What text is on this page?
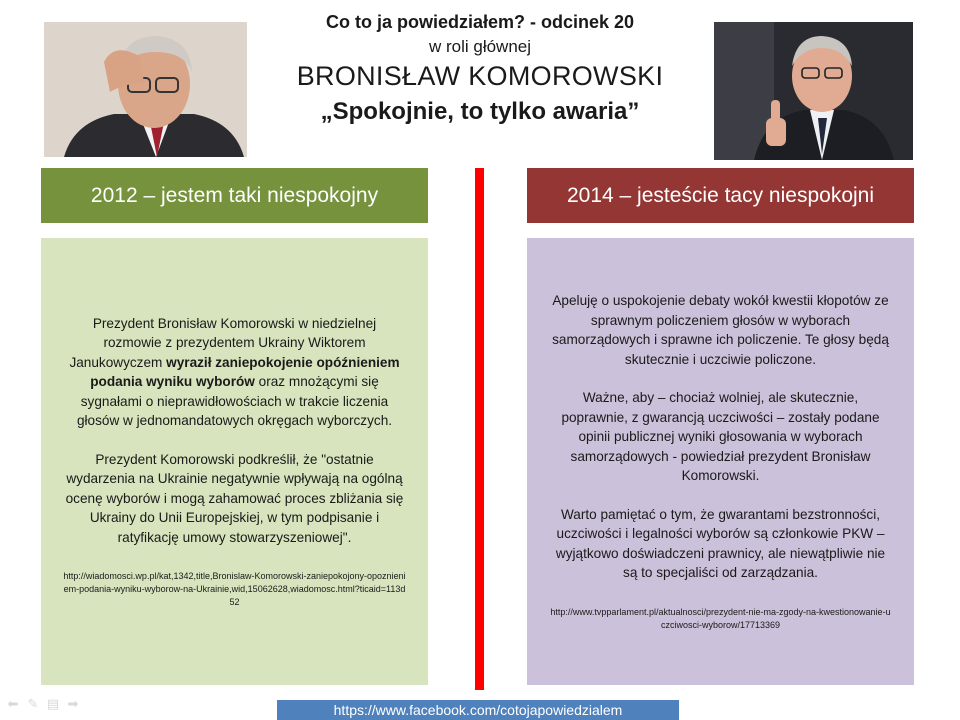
Co to ja powiedziałem? - odcinek 20
w roli głównej
BRONISŁAW KOMOROWSKI
„Spokojnie, to tylko awaria”
2012 – jestem taki niespokojny	2014 – jesteście tacy niespokojni

Prezydent Bronisław Komorowski w niedzielnej rozmowie z prezydentem Ukrainy Wiktorem Janukowyczem wyraził zaniepokojenie opóźnieniem podania wyniku wyborów oraz mnożącymi się sygnałami o nieprawidłowościach w trakcie liczenia głosów w jednomandatowych okręgach wyborczych.

Prezydent Komorowski podkreślił, że "ostatnie wydarzenia na Ukrainie negatywnie wpływają na ogólną ocenę wyborów i mogą zahamować proces zbliżania się Ukrainy do Unii Europejskiej, w tym podpisanie i ratyfikację umowy stowarzyszeniowej".

http://wiadomosci.wp.pl/kat,1342,title,Bronislaw-Komorowski-zaniepokojony-opoznieniem-podania-wyniku-wyborow-na-Ukrainie,wid,15062628,wiadomosc.html?ticaid=113d52

Apeluję o uspokojenie debaty wokół kwestii kłopotów ze sprawnym policzeniem głosów w wyborach samorządowych i sprawne ich policzenie. Te głosy będą skutecznie i uczciwie policzone.

Ważne, aby – chociaż wolniej, ale skutecznie, poprawnie, z gwarancją uczciwości – zostały podane opinii publicznej wyniki głosowania w wyborach samorządowych - powiedział prezydent Bronisław Komorowski.

Warto pamiętać o tym, że gwarantami bezstronności, uczciwości i legalności wyborów są członkowie PKW – wyjątkowo doświadczeni prawnicy, ale niewątpliwie nie są to specjaliści od zarządzania.

http://www.tvpparlament.pl/aktualnosci/prezydent-nie-ma-zgody-na-kwestionowanie-uczciwosci-wyborow/17713369

https://www.facebook.com/cotojapowiedzialem
⬅ ✎ ▤ ➡
